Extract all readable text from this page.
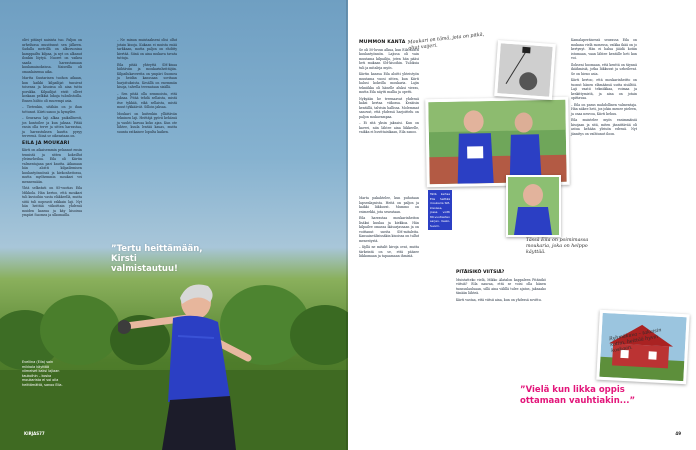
olivi pitänyt naisista tuo. Paljon on urheilussa muuttunut sen jälkeen. Sadalla metrillä on alkuvuosina kamppailtu kilpaa, ja nyt on alkanut ilonkin löytyä. Nuoret on vaikea saada harrastamaan kuulamainoksissa. Naiseilla oli omanlaisensa aika.

Martta Suutarinen tuohon aikaan, kun kaikki kilpailijat tunsivat toisensa ja kisoissa oli aina tuttu porukka. Kilpailijat eivät olleet koskaan pelkkiä lukuja tuloslistoilla. Ennen hiihto oli suurempi asia.

– Tietenkin, sitähän on jo ihan tottunut. Kiirti sanoo ja hymyilee.

– Seuraava laji alkaa paikallisesti, jos kuntoilee ja kun jaksaa. Pitää ensin olla terve ja sitten harrastaa, ja harrastuksen kautta pysyy terveenä. Siinä se oikeastaan on.

EILA JA MOUKARI

Kiirti on aikaisemmin pelannut ensin tennistä ja sitten kokeillut yleisurheilua. Eila oli Kiirtin valmentajana pari kautta. Aikanaan hän aloitti kilpailemisen kuulantyönnössä ja kiekonheitossa, mutta myöhemmin moukari vei mennessään.

Yhtä selkeästi on 85-vuotias Eila Mikkola. Hän kertoo, että moukari tuli kuvioihin vasta eläkkeellä, mutta siitä tuli nopeasti rakkain laji. Nyt hän heittää viikoittain yhdessä muiden kanssa ja käy kisoissa ympäri Suomea ja ulkomailla.

– Ne minun muistaakseni olisi ollut jotain kisoja. Kukaan ei muista enää tarkkaan, mutta paljon on ehditty kiertää. Siinä on aina mukava tavata tuttuja.

Eila pitää yhteyttä SM-kisaa hiihtäviin ja moukarinheittäjiin. Kilpailukavereita on ympäri Suomea ja heidän kanssaan sovitaan harjoituksista. Kesällä on enemmän kisoja, talvella treenataan sisällä.

– Sen pitää olla semmoista, että jaksaa. Pitää tehdä sellaista, mistä itse tykkää, eikä sellaista, mistä muut tykkäävät. Silloin jaksaa.

Moukari on kuitenkin yllättävän tekninen laji. Heittäjä pyörii kehässä ja vauhti kasvaa koko ajan. Kun ote lähtee, kuula lentää kauas, mutta suunta ratkaisee lopulta kaiken.

”Tertu heittämään, Kirsti valmistautuu!
Eveliina (Eila) sain mikkola käyttää viimeiset kaksi lajiaan taukoihin – koska moukarista ei voi olla heittämättä, sanoo Eila.
KIRJAS77
MUMMON KANTA

Se oli 50-luvun alkua, kun Eila aloitti kuulantyönnön. Lajissa oli vain muutama kilpailija, joten hän pääsi heti mukaan SM-kisoihin. Tuloksia tuli ja mitaleja myös.

Kiirtin kanssa Eila aloitti yhteistyön muutama vuosi sitten, kun Kiirti halusi kokeilla moukaria. Lajin tekniikka oli hänelle aluksi vieras, mutta Eila näytti mallia ja opetti.

Nykyään he treenaavat yhdessä kaksi kertaa viikossa. Kesäisin kentällä, talvisin hallissa. Molemmat sanovat, että yhdessä harjoittelu on paljon mukavampaa.

– Ei sitä yksin jaksaisi. Kun on kaveri, niin lähtee aina liikkeelle, vaikka ei huvittaisikaan, Eila sanoo.

Moukari on tämä, jota on pitkä, ohut vaijeri.
Tällä kertaa Eila heittää moukaria SM-kisoissa, jossa voitti 80-vuotiaiden sarjan. Keski-Suomi.

Marta pakahtelee, kun puhutaan lapsenlapsista. Heitä on paljon ja kaikki liikkuvat. Mummo on esimerkki, jota seurataan.

Eila harrastaa moukarinheiton lisäksi kuulaa ja kiekkoa. Hän kilpailee omassa ikäsarjassaan ja on voittanut useita SM-mitaleita. Kansainvälisissäkin kisoissa on tullut menestystä.

– Kyllä ne mitalit kivoja ovat, mutta tärkeintä on se, että pääsee liikkumaan ja tapaamaan ihmisiä.

PITÄISIKÖ VIITSIÄ?

Muistatteko vielä, Mikko Alatalon kappaleen Pitäisikö viitsiä? Eila nauraa, että se voisi olla hänen tunnuslauluaan, sillä aina välillä tulee ajatus, jaksaako tänään lähteä.

Kiirti vastaa, että viitsii aina, kun on yhdessä sovittu.

Tässä Eila on poimimassa moukaria, joka on helppo käyttää.

Kamalaperäisessä seurassa Eila on mukana vielä monessa, vaikka ikää on jo kertynyt. Hän ei halua jäädä kotiin istumaan, vaan lähtee kentälle heti kun voi.

Ilokseni huomaan, että kenttä on täynnä ikäihmisiä, jotka liikkuvat ja urheilevat. Se on hieno asia.

Kiirti kertoo, että moukarinheitto on tuonut hänen elämäänsä uutta sisältöä. Laji vaatii tekniikkaa, voimaa ja keskittymistä, ja aina on jotain opittavaa.

– Eila on paras mahdollinen valmentaja. Hän näkee heti, jos jokin menee pieleen, ja osaa neuvoa, Kiirti kehuu.

Eila muistelee myös ensimmäisiä kisojaan ja sitä, miten jännittävää oli astua kehään yleisön edessä. Nyt jännitys on vaihtunut iloon.

Ryhmäkuva – takaisin kotiin, heittää hyvin koskaan.
”Vielä kun likka oppis ottamaan vauhtiakin...”
49
